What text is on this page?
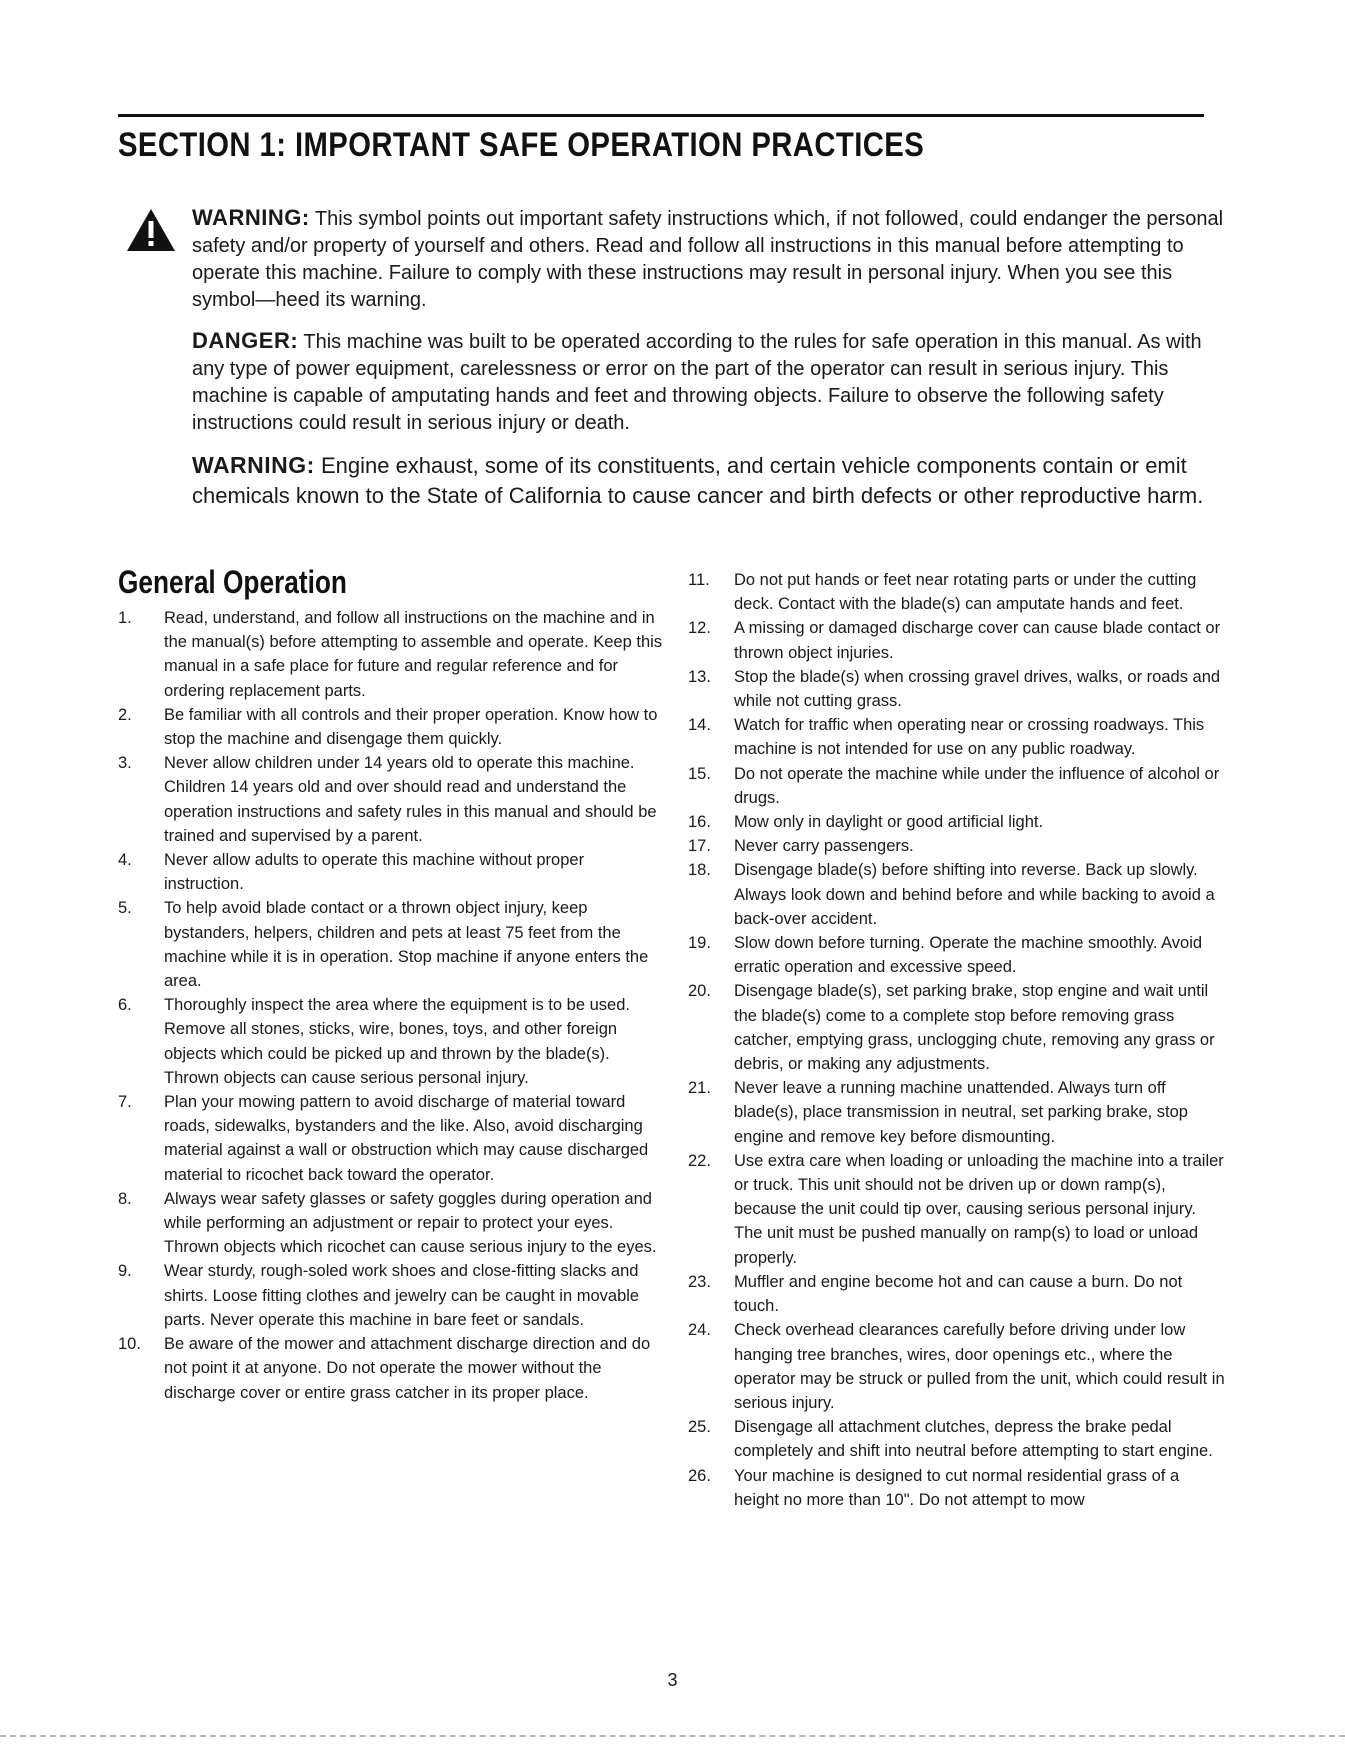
SECTION 1: IMPORTANT SAFE OPERATION PRACTICES

WARNING: This symbol points out important safety instructions which, if not followed, could endanger the personal safety and/or property of yourself and others. Read and follow all instructions in this manual before attempting to operate this machine. Failure to comply with these instructions may result in personal injury. When you see this symbol—heed its warning.

DANGER: This machine was built to be operated according to the rules for safe operation in this manual. As with any type of power equipment, carelessness or error on the part of the operator can result in serious injury. This machine is capable of amputating hands and feet and throwing objects. Failure to observe the following safety instructions could result in serious injury or death.

WARNING: Engine exhaust, some of its constituents, and certain vehicle components contain or emit chemicals known to the State of California to cause cancer and birth defects or other reproductive harm.

General Operation
1.	Read, understand, and follow all instructions on the machine and in the manual(s) before attempting to assemble and operate. Keep this manual in a safe place for future and regular reference and for ordering replacement parts.
2.	Be familiar with all controls and their proper operation. Know how to stop the machine and disengage them quickly.
3.	Never allow children under 14 years old to operate this machine. Children 14 years old and over should read and understand the operation instructions and safety rules in this manual and should be trained and supervised by a parent.
4.	Never allow adults to operate this machine without proper instruction.
5.	To help avoid blade contact or a thrown object injury, keep bystanders, helpers, children and pets at least 75 feet from the machine while it is in operation. Stop machine if anyone enters the area.
6.	Thoroughly inspect the area where the equipment is to be used. Remove all stones, sticks, wire, bones, toys, and other foreign objects which could be picked up and thrown by the blade(s). Thrown objects can cause serious personal injury.
7.	Plan your mowing pattern to avoid discharge of material toward roads, sidewalks, bystanders and the like. Also, avoid discharging material against a wall or obstruction which may cause discharged material to ricochet back toward the operator.
8.	Always wear safety glasses or safety goggles during operation and while performing an adjustment or repair to protect your eyes. Thrown objects which ricochet can cause serious injury to the eyes.
9.	Wear sturdy, rough-soled work shoes and close-fitting slacks and shirts. Loose fitting clothes and jewelry can be caught in movable parts. Never operate this machine in bare feet or sandals.
10.	Be aware of the mower and attachment discharge direction and do not point it at anyone. Do not operate the mower without the discharge cover or entire grass catcher in its proper place.
11.	Do not put hands or feet near rotating parts or under the cutting deck. Contact with the blade(s) can amputate hands and feet.
12.	A missing or damaged discharge cover can cause blade contact or thrown object injuries.
13.	Stop the blade(s) when crossing gravel drives, walks, or roads and while not cutting grass.
14.	Watch for traffic when operating near or crossing roadways. This machine is not intended for use on any public roadway.
15.	Do not operate the machine while under the influence of alcohol or drugs.
16.	Mow only in daylight or good artificial light.
17.	Never carry passengers.
18.	Disengage blade(s) before shifting into reverse. Back up slowly. Always look down and behind before and while backing to avoid a back-over accident.
19.	Slow down before turning. Operate the machine smoothly. Avoid erratic operation and excessive speed.
20.	Disengage blade(s), set parking brake, stop engine and wait until the blade(s) come to a complete stop before removing grass catcher, emptying grass, unclogging chute, removing any grass or debris, or making any adjustments.
21.	Never leave a running machine unattended. Always turn off blade(s), place transmission in neutral, set parking brake, stop engine and remove key before dismounting.
22.	Use extra care when loading or unloading the machine into a trailer or truck. This unit should not be driven up or down ramp(s), because the unit could tip over, causing serious personal injury. The unit must be pushed manually on ramp(s) to load or unload properly.
23.	Muffler and engine become hot and can cause a burn. Do not touch.
24.	Check overhead clearances carefully before driving under low hanging tree branches, wires, door openings etc., where the operator may be struck or pulled from the unit, which could result in serious injury.
25.	Disengage all attachment clutches, depress the brake pedal completely and shift into neutral before attempting to start engine.
26.	Your machine is designed to cut normal residential grass of a height no more than 10". Do not attempt to mow

3
